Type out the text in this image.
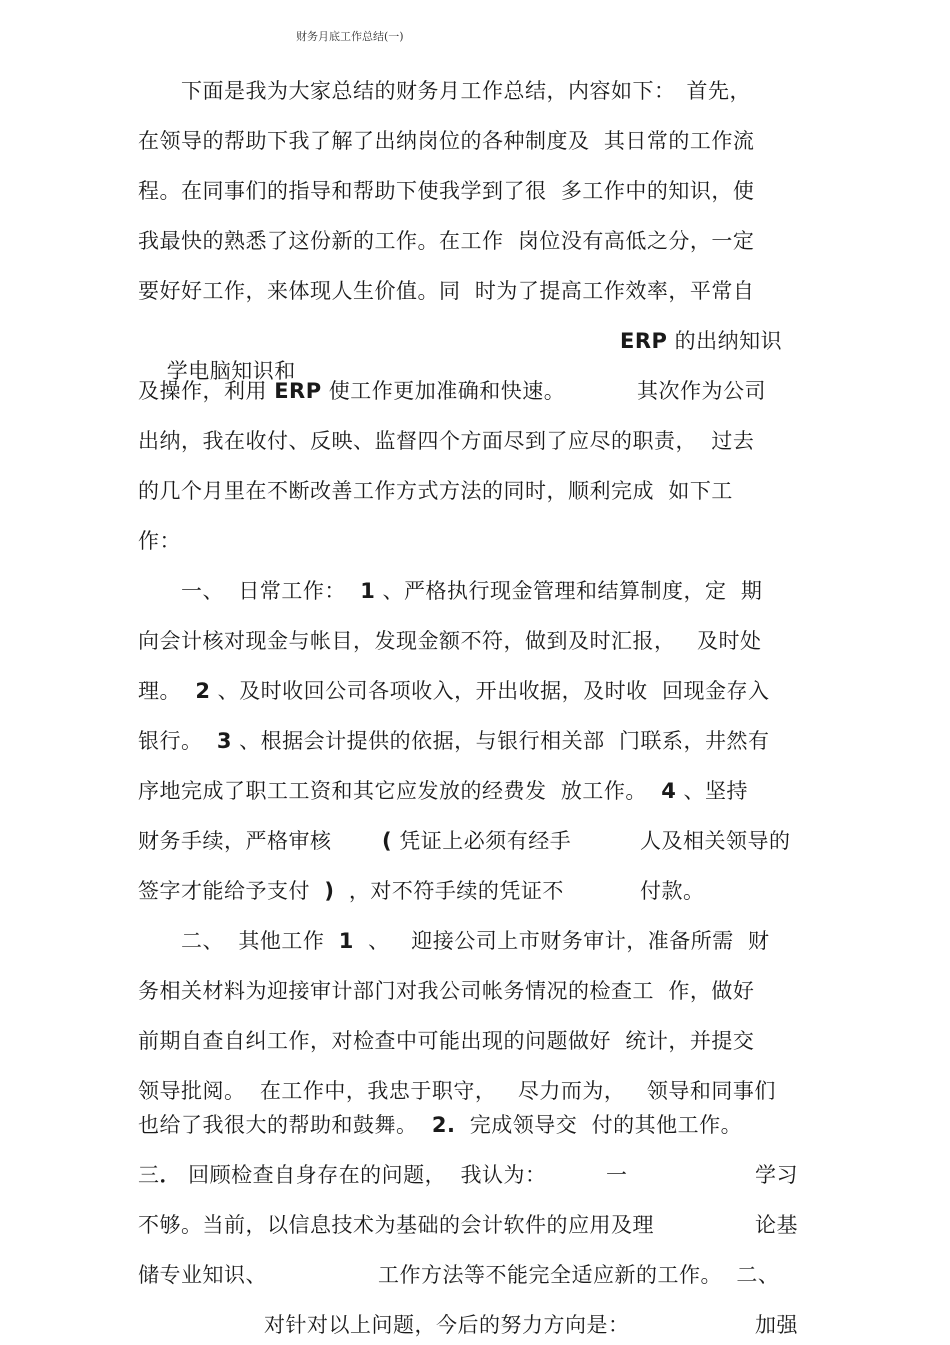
财务月底工作总结(一)
　　下面是我为大家总结的财务月工作总结，内容如下：　首先，
在领导的帮助下我了解了出纳岗位的各种制度及  其日常的工作流
程。在同事们的指导和帮助下使我学到了很  多工作中的知识，使
我最快的熟悉了这份新的工作。在工作  岗位没有高低之分，一定
要好好工作，来体现人生价值。同  时为了提高工作效率，平常自

学电脑知识和

ERP 的出纳知识
及操作，利用 ERP 使工作更加准确和快速。	其次作为公司
出纳，我在收付、反映、监督四个方面尽到了应尽的职责，  过去
的几个月里在不断改善工作方式方法的同时，顺利完成  如下工
作：
　　一、  日常工作：  1 、严格执行现金管理和结算制度，定  期
向会计核对现金与帐目，发现金额不符，做到及时汇报，   及时处
理。  2 、及时收回公司各项收入，开出收据，及时收  回现金存入
银行。  3 、根据会计提供的依据，与银行相关部  门联系，井然有
序地完成了职工工资和其它应发放的经费发  放工作。  4 、坚持
财务手续，严格审核 ( 凭证上必须有经手	人及相关领导的
签字才能给予支付  )  ，对不符手续的凭证不	付款。
　　二、  其他工作  1  、   迎接公司上市财务审计，准备所需  财
务相关材料为迎接审计部门对我公司帐务情况的检查工  作，做好
前期自查自纠工作，对检查中可能出现的问题做好  统计，并提交
领导批阅。  在工作中，我忠于职守，   尽力而为，   领导和同事们
也给了我很大的帮助和鼓舞。  2.  完成领导交  付的其他工作。
三． 回顾检查自身存在的问题，  我认为：	一	学习
不够。当前，以信息技术为基础的会计软件的应用及理	论基
储专业知识、	工作方法等不能完全适应新的工作。  二、
对针对以上问题，今后的努力方向是：	加强
